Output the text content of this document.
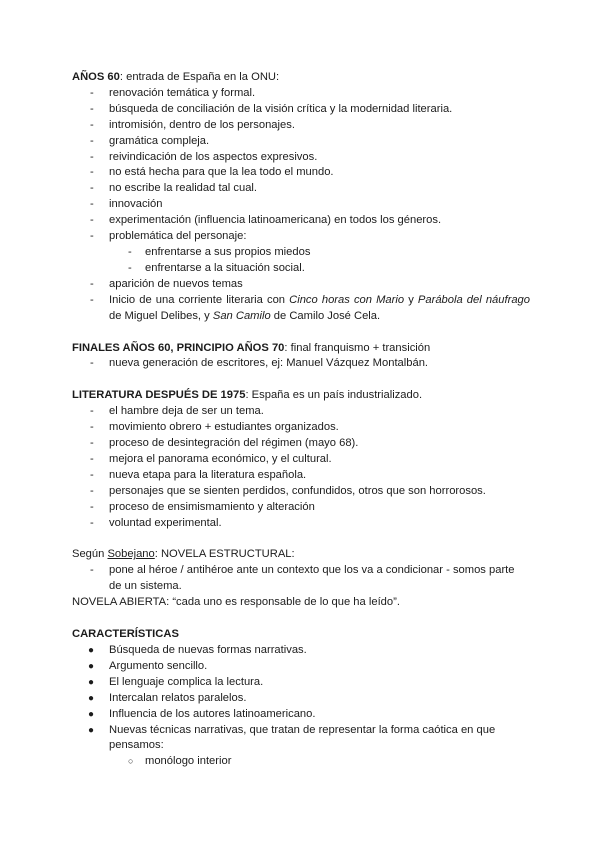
AÑOS 60: entrada de España en la ONU:

- renovación temática y formal.

- búsqueda de conciliación de la visión crítica y la modernidad literaria.

- intromisión, dentro de los personajes.

- gramática compleja.

- reivindicación de los aspectos expresivos.

- no está hecha para que la lea todo el mundo.

- no escribe la realidad tal cual.

- innovación

- experimentación (influencia latinoamericana) en todos los géneros.

- problemática del personaje:

- enfrentarse a sus propios miedos

- enfrentarse a la situación social.

- aparición de nuevos temas

- Inicio de una corriente literaria con Cinco horas con Mario y Parábola del náufrago de Miguel Delibes, y San Camilo de Camilo José Cela.

FINALES AÑOS 60, PRINCIPIO AÑOS 70: final franquismo + transición

- nueva generación de escritores, ej: Manuel Vázquez Montalbán.

LITERATURA DESPUÉS DE 1975: España es un país industrializado.

- el hambre deja de ser un tema.

- movimiento obrero + estudiantes organizados.

- proceso de desintegración del régimen (mayo 68).

- mejora el panorama económico, y el cultural.

- nueva etapa para la literatura española.

- personajes que se sienten perdidos, confundidos, otros que son horrorosos.

- proceso de ensimismamiento y alteración

- voluntad experimental.

Según Sobejano: NOVELA ESTRUCTURAL:

- pone al héroe / antihéroe ante un contexto que los va a condicionar - somos parte de un sistema.

NOVELA ABIERTA: “cada uno es responsable de lo que ha leído”.

CARACTERÍSTICAS

● Búsqueda de nuevas formas narrativas.

● Argumento sencillo.

● El lenguaje complica la lectura.

● Intercalan relatos paralelos.

● Influencia de los autores latinoamericano.

● Nuevas técnicas narrativas, que tratan de representar la forma caótica en que pensamos:

○ monólogo interior
